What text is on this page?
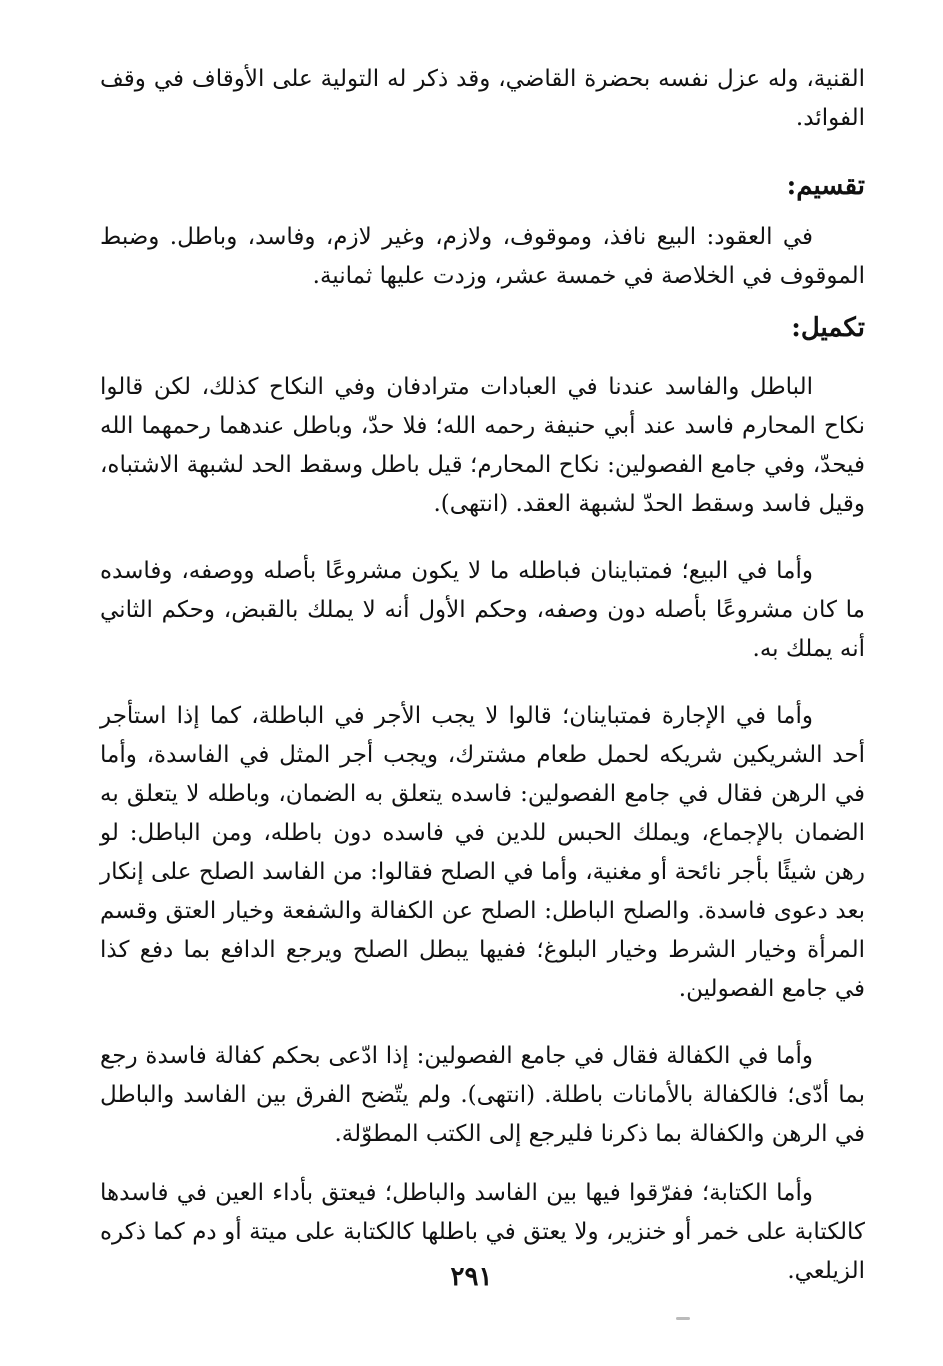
القنية، وله عزل نفسه بحضرة القاضي، وقد ذكر له التولية على الأوقاف في وقف الفوائد.

تقسيم:

في العقود: البيع نافذ، وموقوف، ولازم، وغير لازم، وفاسد، وباطل. وضبط الموقوف في الخلاصة في خمسة عشر، وزدت عليها ثمانية.

تكميل:

الباطل والفاسد عندنا في العبادات مترادفان وفي النكاح كذلك، لكن قالوا نكاح المحارم فاسد عند أبي حنيفة رحمه الله؛ فلا حدّ، وباطل عندهما رحمهما الله فيحدّ، وفي جامع الفصولين: نكاح المحارم؛ قيل باطل وسقط الحد لشبهة الاشتباه، وقيل فاسد وسقط الحدّ لشبهة العقد. (انتهى).

وأما في البيع؛ فمتباينان فباطله ما لا يكون مشروعًا بأصله ووصفه، وفاسده ما كان مشروعًا بأصله دون وصفه، وحكم الأول أنه لا يملك بالقبض، وحكم الثاني أنه يملك به.

وأما في الإجارة فمتباينان؛ قالوا لا يجب الأجر في الباطلة، كما إذا استأجر أحد الشريكين شريكه لحمل طعام مشترك، ويجب أجر المثل في الفاسدة، وأما في الرهن فقال في جامع الفصولين: فاسده يتعلق به الضمان، وباطله لا يتعلق به الضمان بالإجماع، ويملك الحبس للدين في فاسده دون باطله، ومن الباطل: لو رهن شيئًا بأجر نائحة أو مغنية، وأما في الصلح فقالوا: من الفاسد الصلح على إنكار بعد دعوى فاسدة. والصلح الباطل: الصلح عن الكفالة والشفعة وخيار العتق وقسم المرأة وخيار الشرط وخيار البلوغ؛ ففيها يبطل الصلح ويرجع الدافع بما دفع كذا في جامع الفصولين.

وأما في الكفالة فقال في جامع الفصولين: إذا ادّعى بحكم كفالة فاسدة رجع بما أدّى؛ فالكفالة بالأمانات باطلة. (انتهى). ولم يتّضح الفرق بين الفاسد والباطل في الرهن والكفالة بما ذكرنا فليرجع إلى الكتب المطوّلة.

وأما الكتابة؛ ففرّقوا فيها بين الفاسد والباطل؛ فيعتق بأداء العين في فاسدها كالكتابة على خمر أو خنزير، ولا يعتق في باطلها كالكتابة على ميتة أو دم كما ذكره الزيلعي.

٢٩١
